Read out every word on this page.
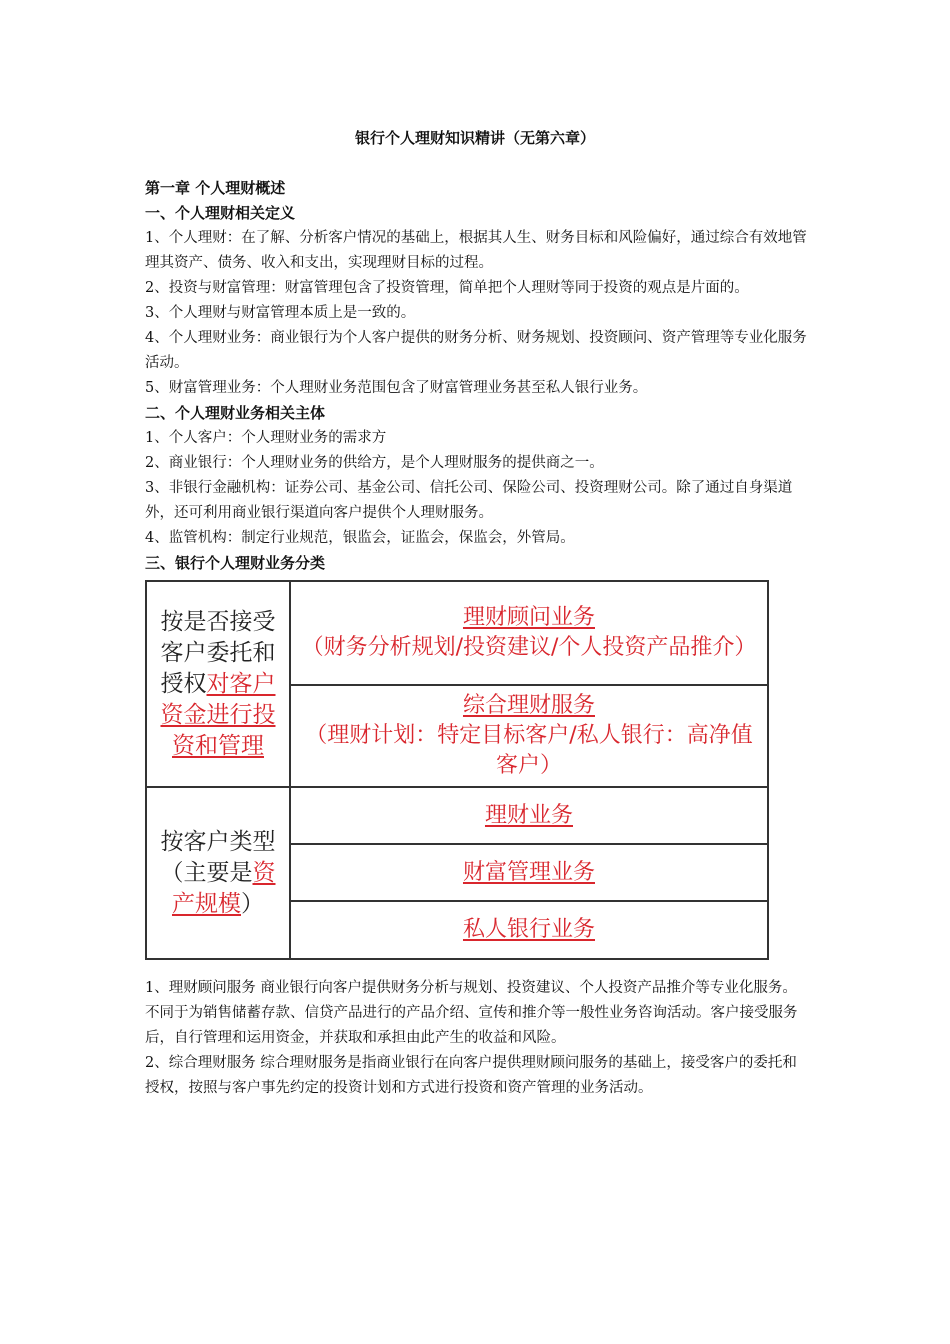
银行个人理财知识精讲（无第六章）

第一章 个人理财概述

一、个人理财相关定义

1、个人理财：在了解、分析客户情况的基础上，根据其人生、财务目标和风险偏好，通过综合有效地管理其资产、债务、收入和支出，实现理财目标的过程。

2、投资与财富管理：财富管理包含了投资管理，简单把个人理财等同于投资的观点是片面的。

3、个人理财与财富管理本质上是一致的。

4、个人理财业务：商业银行为个人客户提供的财务分析、财务规划、投资顾问、资产管理等专业化服务活动。

5、财富管理业务：个人理财业务范围包含了财富管理业务甚至私人银行业务。

二、个人理财业务相关主体

1、个人客户：个人理财业务的需求方

2、商业银行：个人理财业务的供给方，是个人理财服务的提供商之一。

3、非银行金融机构：证券公司、基金公司、信托公司、保险公司、投资理财公司。除了通过自身渠道外，还可利用商业银行渠道向客户提供个人理财服务。

4、监管机构：制定行业规范，银监会，证监会，保监会，外管局。

三、银行个人理财业务分类

按是否接受客户委托和授权对客户资金进行投资和管理	理财顾问业务
（财务分析规划/投资建议/个人投资产品推介）

	综合理财服务
（理财计划：特定目标客户/私人银行：高净值客户）

按客户类型（主要是资产规模）	理财业务
	财富管理业务
	私人银行业务

1、理财顾问服务 商业银行向客户提供财务分析与规划、投资建议、个人投资产品推介等专业化服务。不同于为销售储蓄存款、信贷产品进行的产品介绍、宣传和推介等一般性业务咨询活动。客户接受服务后，自行管理和运用资金，并获取和承担由此产生的收益和风险。

2、综合理财服务 综合理财服务是指商业银行在向客户提供理财顾问服务的基础上，接受客户的委托和授权，按照与客户事先约定的投资计划和方式进行投资和资产管理的业务活动。
